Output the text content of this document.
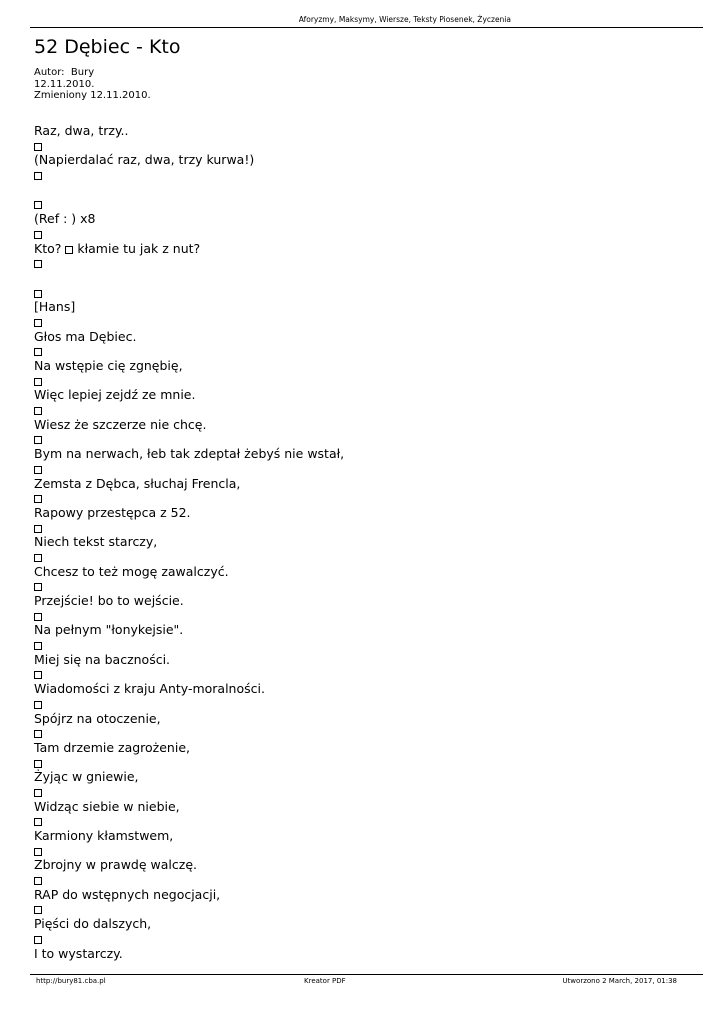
Aforyzmy, Maksymy, Wiersze, Teksty Piosenek, Życzenia
52 Dębiec - Kto
Autor: Bury
12.11.2010.
Zmieniony 12.11.2010.
Raz, dwa, trzy..
(Napierdalać raz, dwa, trzy kurwa!)
(Ref : ) x8
Kto? kłamie tu jak z nut?
[Hans]
Głos ma Dębiec.
Na wstępie cię zgnębię,
Więc lepiej zejdź ze mnie.
Wiesz że szczerze nie chcę.
Bym na nerwach, łeb tak zdeptał żebyś nie wstał,
Zemsta z Dębca, słuchaj Frencla,
Rapowy przestępca z 52.
Niech tekst starczy,
Chcesz to też mogę zawalczyć.
Przejście! bo to wejście.
Na pełnym "łonykejsie".
Miej się na baczności.
Wiadomości z kraju Anty-moralności.
Spójrz na otoczenie,
Tam drzemie zagrożenie,
Żyjąc w gniewie,
Widząc siebie w niebie,
Karmiony kłamstwem,
Zbrojny w prawdę walczę.
RAP do wstępnych negocjacji,
Pięści do dalszych,
I to wystarczy.
http://bury81.cba.pl	Kreator PDF	Utworzono 2 March, 2017, 01:38
